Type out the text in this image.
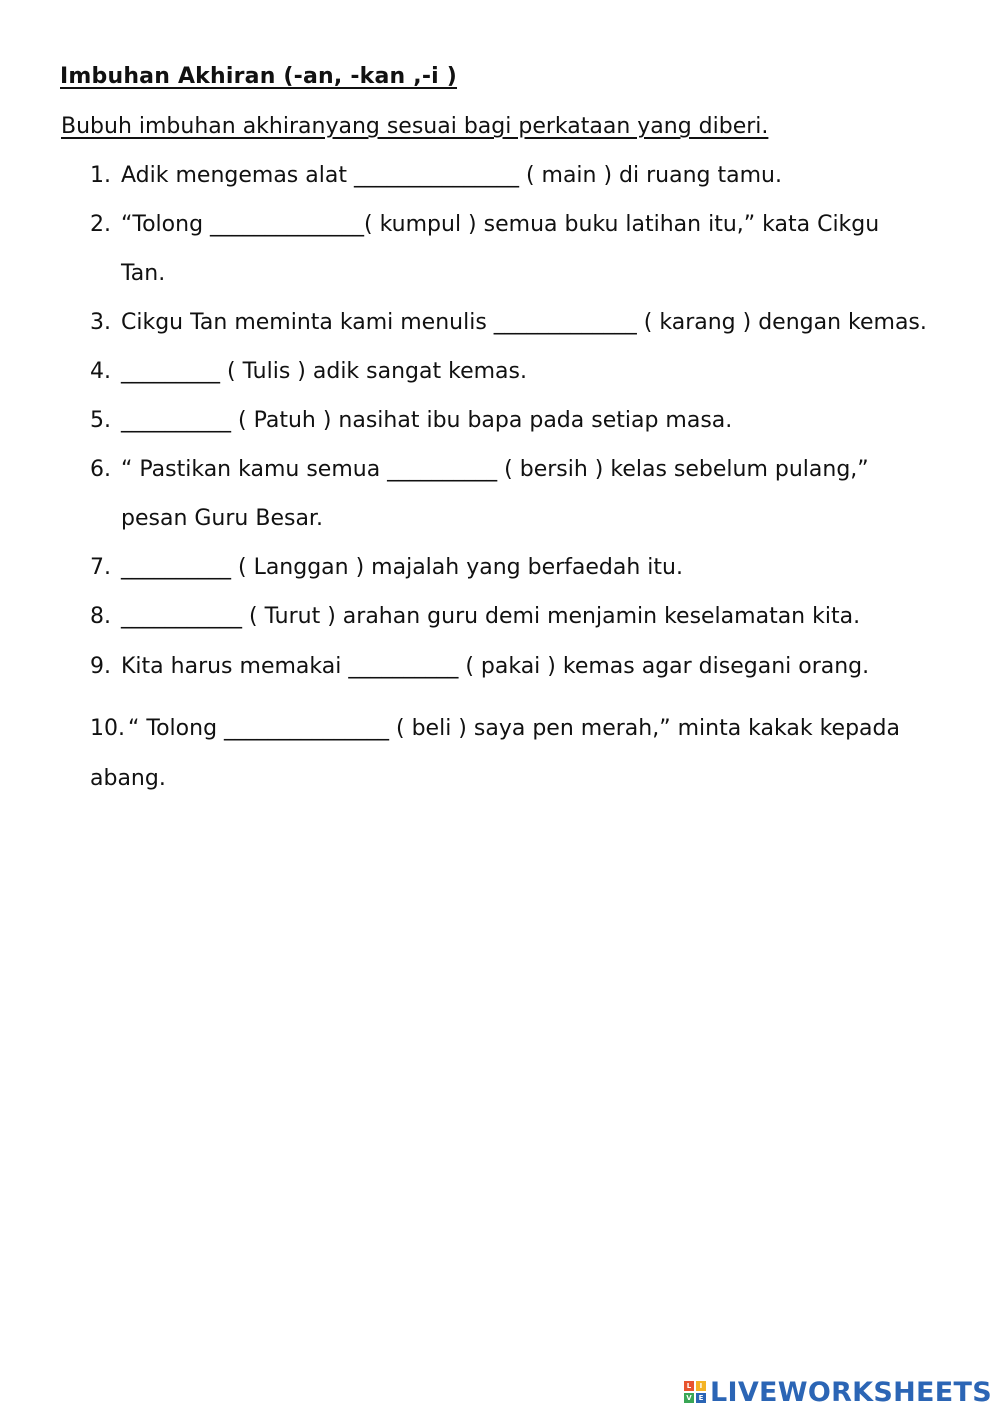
Imbuhan Akhiran (-an, -kan ,-i )
Bubuh imbuhan akhiranyang sesuai bagi perkataan yang diberi.
1. Adik mengemas alat _______________ ( main ) di ruang tamu.
2. “Tolong ______________( kumpul ) semua buku latihan itu,” kata Cikgu
Tan.
3. Cikgu Tan meminta kami menulis _____________ ( karang ) dengan kemas.
4. _________ ( Tulis ) adik sangat kemas.
5. __________ ( Patuh ) nasihat ibu bapa pada setiap masa.
6. “ Pastikan kamu semua __________ ( bersih ) kelas sebelum pulang,”
pesan Guru Besar.
7. __________ ( Langgan ) majalah yang berfaedah itu.
8. ___________ ( Turut ) arahan guru demi menjamin keselamatan kita.
9. Kita harus memakai __________ ( pakai ) kemas agar disegani orang.
10. “ Tolong _______________ ( beli ) saya pen merah,” minta kakak kepada
abang.
L	I
V E LIVEWORKSHEETS
